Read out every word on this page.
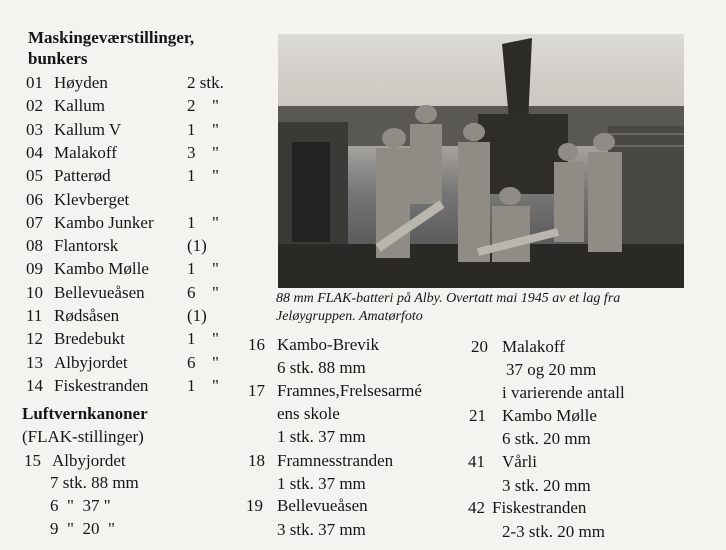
Maskingeværstillinger,
bunkers
01 Høyden	2 stk.
02 Kallum	2 "
03 Kallum V	1 "
04 Malakoff	3 "
05 Patterød	1 "
06 Klevberget
07 Kambo Junker 1 "
08 Flantorsk	(1)
09 Kambo Mølle 1 "
10 Bellevueåsen 6 "
11 Rødsåsen	(1)
12 Bredebukt	1 "
13 Albyjordet	6 "
14 Fiskestranden 1 "
Luftvernkanoner
(FLAK-stillinger)
15 Albyjordet
7 stk. 88 mm
6  "  37 "
9  "  20  "
88 mm FLAK-batteri på Alby. Overtatt mai 1945 av et lag fra
Jeløygruppen. Amatørfoto
16 Kambo-Brevik
6 stk. 88 mm
17 Framnes,Frelsesarmé
ens skole
1 stk. 37 mm
18 Framnesstranden
1 stk. 37 mm
19 Bellevueåsen
3 stk. 37 mm
20 Malakoff
37 og 20 mm
i varierende antall
21 Kambo Mølle
6 stk. 20 mm
41 Vårli
3 stk. 20 mm
42 Fiskestranden
2-3 stk. 20 mm
